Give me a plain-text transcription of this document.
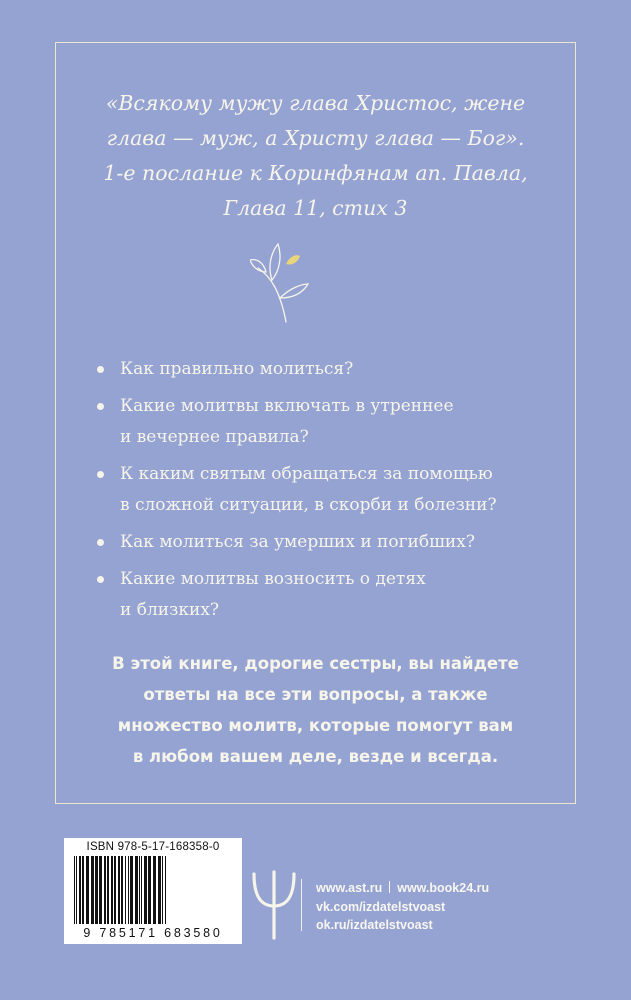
«Всякому мужу глава Христос, жене
глава — муж, а Христу глава — Бог».
1-е послание к Коринфянам ап. Павла,
Глава 11, стих 3
Как правильно молиться?
Какие молитвы включать в утреннее
и вечернее правила?
К каким святым обращаться за помощью
в сложной ситуации, в скорби и болезни?
Как молиться за умерших и погибших?
Какие молитвы возносить о детях
и близких?
В этой книге, дорогие сестры, вы найдете
ответы на все эти вопросы, а также
множество молитв, которые помогут вам
в любом вашем деле, везде и всегда.
ISBN 978-5-17-168358-0
9 785171 683580
www.ast.ru www.book24.ru
vk.com/izdatelstvoast
ok.ru/izdatelstvoast
